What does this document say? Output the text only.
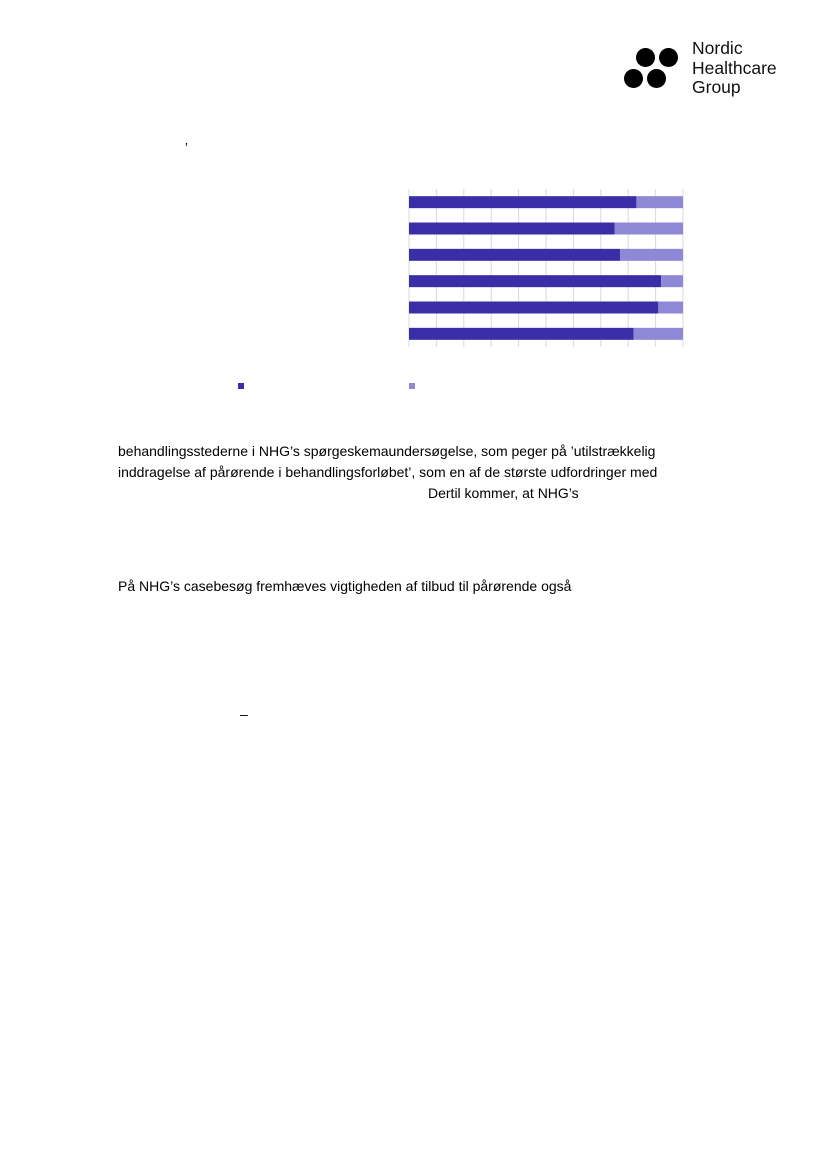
Nordic
Healthcare
Group
’
behandlingsstederne i NHG’s spørgeskemaundersøgelse, som peger på ’utilstrækkelig
inddragelse af pårørende i behandlingsforløbet’, som en af de største udfordringer med
Dertil kommer, at NHG’s
På NHG’s casebesøg fremhæves vigtigheden af tilbud til pårørende også
–
